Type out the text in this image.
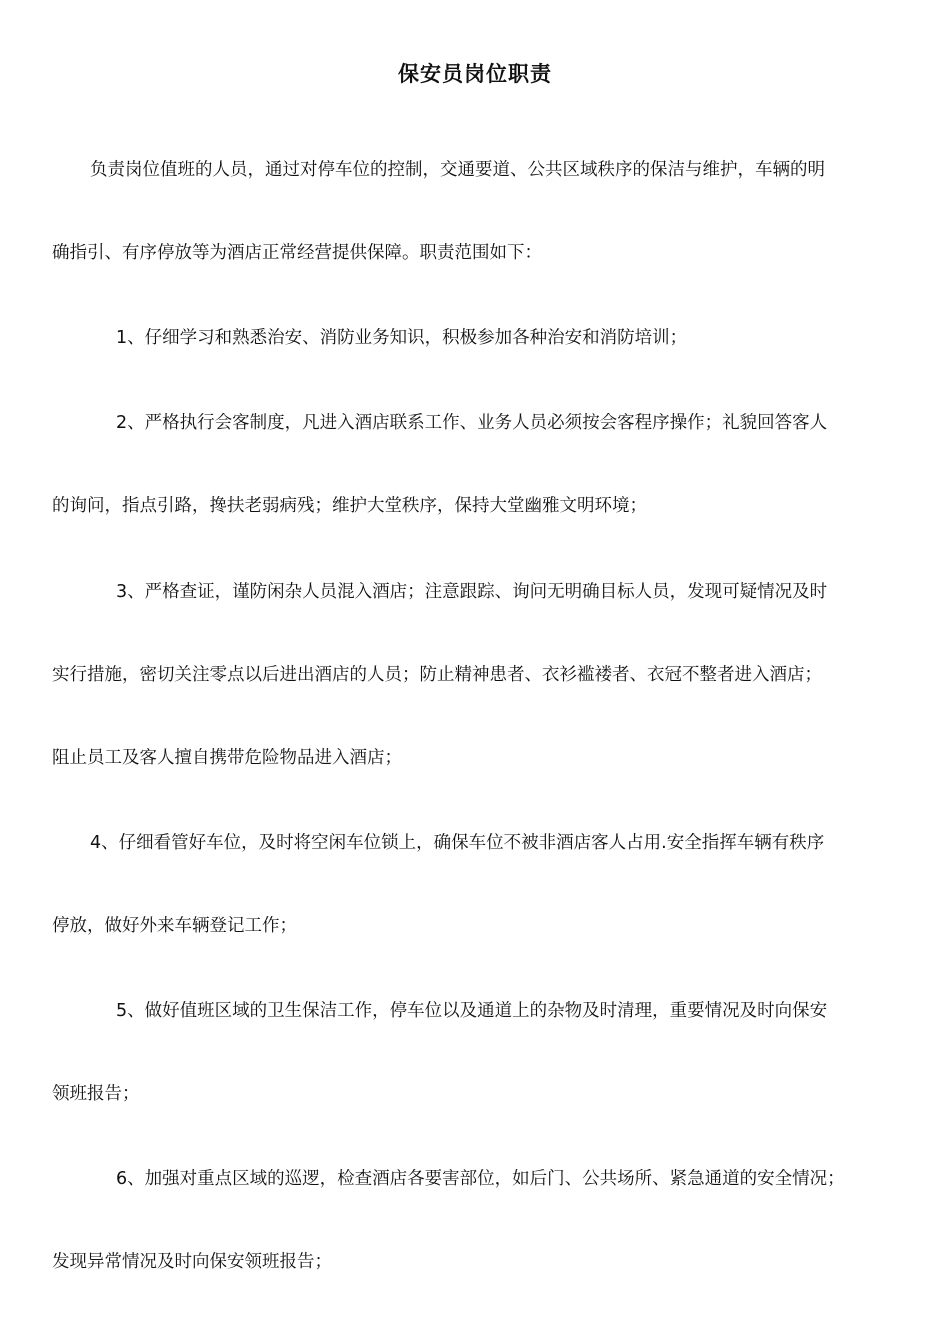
保安员岗位职责

负责岗位值班的人员，通过对停车位的控制，交通要道、公共区域秩序的保洁与维护，车辆的明

确指引、有序停放等为酒店正常经营提供保障。职责范围如下：

1、仔细学习和熟悉治安、消防业务知识，积极参加各种治安和消防培训；

2、严格执行会客制度，凡进入酒店联系工作、业务人员必须按会客程序操作；礼貌回答客人

的询问，指点引路，搀扶老弱病残；维护大堂秩序，保持大堂幽雅文明环境；

3、严格查证，谨防闲杂人员混入酒店；注意跟踪、询问无明确目标人员，发现可疑情况及时

实行措施，密切关注零点以后进出酒店的人员；防止精神患者、衣衫褴褛者、衣冠不整者进入酒店；

阻止员工及客人擅自携带危险物品进入酒店；

4、仔细看管好车位，及时将空闲车位锁上，确保车位不被非酒店客人占用.安全指挥车辆有秩序

停放，做好外来车辆登记工作；

5、做好值班区域的卫生保洁工作，停车位以及通道上的杂物及时清理，重要情况及时向保安

领班报告；

6、加强对重点区域的巡逻，检查酒店各要害部位，如后门、公共场所、紧急通道的安全情况；

发现异常情况及时向保安领班报告；
